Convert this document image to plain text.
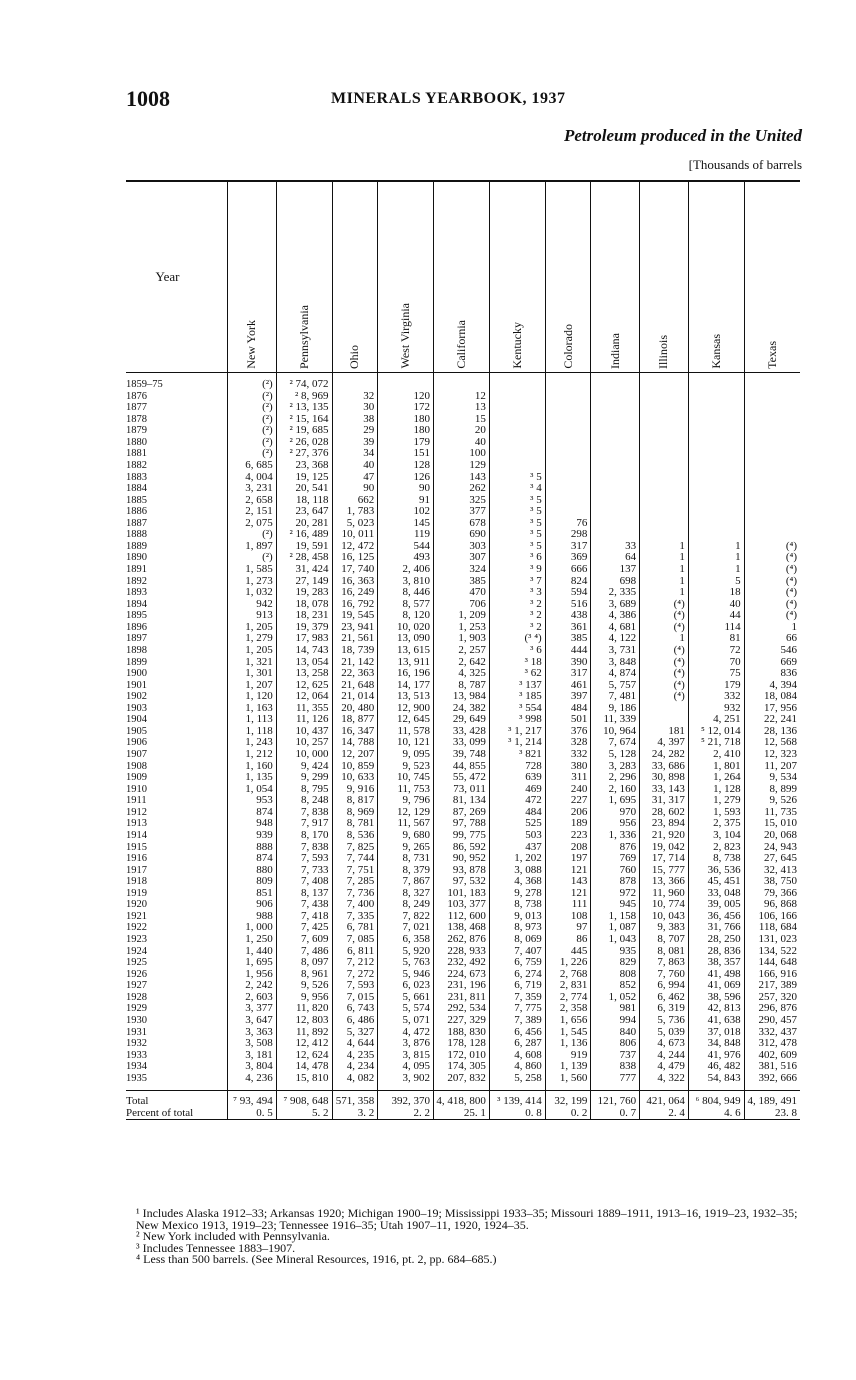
1008	MINERALS YEARBOOK, 1937
Petroleum produced in the United
[Thousands of barrels
Year	New York	Pennsylvania	Ohio	West Virginia	California	Kentucky	Colorado	Indiana	Illinois	Kansas	Texas
1859–75	(²)	² 74, 072									
1876	(²)	² 8, 969	32	120	12						
1877	(²)	² 13, 135	30	172	13						
1878	(²)	² 15, 164	38	180	15						
1879	(²)	² 19, 685	29	180	20						
1880	(²)	² 26, 028	39	179	40						
1881	(²)	² 27, 376	34	151	100						
1882	6, 685	23, 368	40	128	129						
1883	4, 004	19, 125	47	126	143	³ 5					
1884	3, 231	20, 541	90	90	262	³ 4					
1885	2, 658	18, 118	662	91	325	³ 5					
1886	2, 151	23, 647	1, 783	102	377	³ 5					
1887	2, 075	20, 281	5, 023	145	678	³ 5	76				
1888	(²)	² 16, 489	10, 011	119	690	³ 5	298				
1889	1, 897	19, 591	12, 472	544	303	³ 5	317	33	1	1	(⁴)
1890	(²)	² 28, 458	16, 125	493	307	³ 6	369	64	1	1	(⁴)
1891	1, 585	31, 424	17, 740	2, 406	324	³ 9	666	137	1	1	(⁴)
1892	1, 273	27, 149	16, 363	3, 810	385	³ 7	824	698	1	5	(⁴)
1893	1, 032	19, 283	16, 249	8, 446	470	³ 3	594	2, 335	1	18	(⁴)
1894	942	18, 078	16, 792	8, 577	706	³ 2	516	3, 689	(⁴)	40	(⁴)
1895	913	18, 231	19, 545	8, 120	1, 209	³ 2	438	4, 386	(⁴)	44	(⁴)
1896	1, 205	19, 379	23, 941	10, 020	1, 253	³ 2	361	4, 681	(⁴)	114	1
1897	1, 279	17, 983	21, 561	13, 090	1, 903	(³ ⁴)	385	4, 122	1	81	66
1898	1, 205	14, 743	18, 739	13, 615	2, 257	³ 6	444	3, 731	(⁴)	72	546
1899	1, 321	13, 054	21, 142	13, 911	2, 642	³ 18	390	3, 848	(⁴)	70	669
1900	1, 301	13, 258	22, 363	16, 196	4, 325	³ 62	317	4, 874	(⁴)	75	836
1901	1, 207	12, 625	21, 648	14, 177	8, 787	³ 137	461	5, 757	(⁴)	179	4, 394
1902	1, 120	12, 064	21, 014	13, 513	13, 984	³ 185	397	7, 481	(⁴)	332	18, 084
1903	1, 163	11, 355	20, 480	12, 900	24, 382	³ 554	484	9, 186		932	17, 956
1904	1, 113	11, 126	18, 877	12, 645	29, 649	³ 998	501	11, 339		4, 251	22, 241
1905	1, 118	10, 437	16, 347	11, 578	33, 428	³ 1, 217	376	10, 964	181	⁵ 12, 014	28, 136
1906	1, 243	10, 257	14, 788	10, 121	33, 099	³ 1, 214	328	7, 674	4, 397	⁵ 21, 718	12, 568
1907	1, 212	10, 000	12, 207	9, 095	39, 748	³ 821	332	5, 128	24, 282	2, 410	12, 323
1908	1, 160	9, 424	10, 859	9, 523	44, 855	728	380	3, 283	33, 686	1, 801	11, 207
1909	1, 135	9, 299	10, 633	10, 745	55, 472	639	311	2, 296	30, 898	1, 264	9, 534
1910	1, 054	8, 795	9, 916	11, 753	73, 011	469	240	2, 160	33, 143	1, 128	8, 899
1911	953	8, 248	8, 817	9, 796	81, 134	472	227	1, 695	31, 317	1, 279	9, 526
1912	874	7, 838	8, 969	12, 129	87, 269	484	206	970	28, 602	1, 593	11, 735
1913	948	7, 917	8, 781	11, 567	97, 788	525	189	956	23, 894	2, 375	15, 010
1914	939	8, 170	8, 536	9, 680	99, 775	503	223	1, 336	21, 920	3, 104	20, 068
1915	888	7, 838	7, 825	9, 265	86, 592	437	208	876	19, 042	2, 823	24, 943
1916	874	7, 593	7, 744	8, 731	90, 952	1, 202	197	769	17, 714	8, 738	27, 645
1917	880	7, 733	7, 751	8, 379	93, 878	3, 088	121	760	15, 777	36, 536	32, 413
1918	809	7, 408	7, 285	7, 867	97, 532	4, 368	143	878	13, 366	45, 451	38, 750
1919	851	8, 137	7, 736	8, 327	101, 183	9, 278	121	972	11, 960	33, 048	79, 366
1920	906	7, 438	7, 400	8, 249	103, 377	8, 738	111	945	10, 774	39, 005	96, 868
1921	988	7, 418	7, 335	7, 822	112, 600	9, 013	108	1, 158	10, 043	36, 456	106, 166
1922	1, 000	7, 425	6, 781	7, 021	138, 468	8, 973	97	1, 087	9, 383	31, 766	118, 684
1923	1, 250	7, 609	7, 085	6, 358	262, 876	8, 069	86	1, 043	8, 707	28, 250	131, 023
1924	1, 440	7, 486	6, 811	5, 920	228, 933	7, 407	445	935	8, 081	28, 836	134, 522
1925	1, 695	8, 097	7, 212	5, 763	232, 492	6, 759	1, 226	829	7, 863	38, 357	144, 648
1926	1, 956	8, 961	7, 272	5, 946	224, 673	6, 274	2, 768	808	7, 760	41, 498	166, 916
1927	2, 242	9, 526	7, 593	6, 023	231, 196	6, 719	2, 831	852	6, 994	41, 069	217, 389
1928	2, 603	9, 956	7, 015	5, 661	231, 811	7, 359	2, 774	1, 052	6, 462	38, 596	257, 320
1929	3, 377	11, 820	6, 743	5, 574	292, 534	7, 775	2, 358	981	6, 319	42, 813	296, 876
1930	3, 647	12, 803	6, 486	5, 071	227, 329	7, 389	1, 656	994	5, 736	41, 638	290, 457
1931	3, 363	11, 892	5, 327	4, 472	188, 830	6, 456	1, 545	840	5, 039	37, 018	332, 437
1932	3, 508	12, 412	4, 644	3, 876	178, 128	6, 287	1, 136	806	4, 673	34, 848	312, 478
1933	3, 181	12, 624	4, 235	3, 815	172, 010	4, 608	919	737	4, 244	41, 976	402, 609
1934	3, 804	14, 478	4, 234	4, 095	174, 305	4, 860	1, 139	838	4, 479	46, 482	381, 516
1935	4, 236	15, 810	4, 082	3, 902	207, 832	5, 258	1, 560	777	4, 322	54, 843	392, 666
Total	⁷ 93, 494	⁷ 908, 648	571, 358	392, 370	4, 418, 800	³ 139, 414	32, 199	121, 760	421, 064	⁶ 804, 949	4, 189, 491
Percent of total	0. 5	5. 2	3. 2	2. 2	25. 1	0. 8	0. 2	0. 7	2. 4	4. 6	23. 8

¹ Includes Alaska 1912–33; Arkansas 1920; Michigan 1900–19; Mississippi 1933–35; Missouri 1889–1911, 1913–16, 1919–23, 1932–35; New Mexico 1913, 1919–23; Tennessee 1916–35; Utah 1907–11, 1920, 1924–35.

² New York included with Pennsylvania.

³ Includes Tennessee 1883–1907.

⁴ Less than 500 barrels. (See Mineral Resources, 1916, pt. 2, pp. 684–685.)
